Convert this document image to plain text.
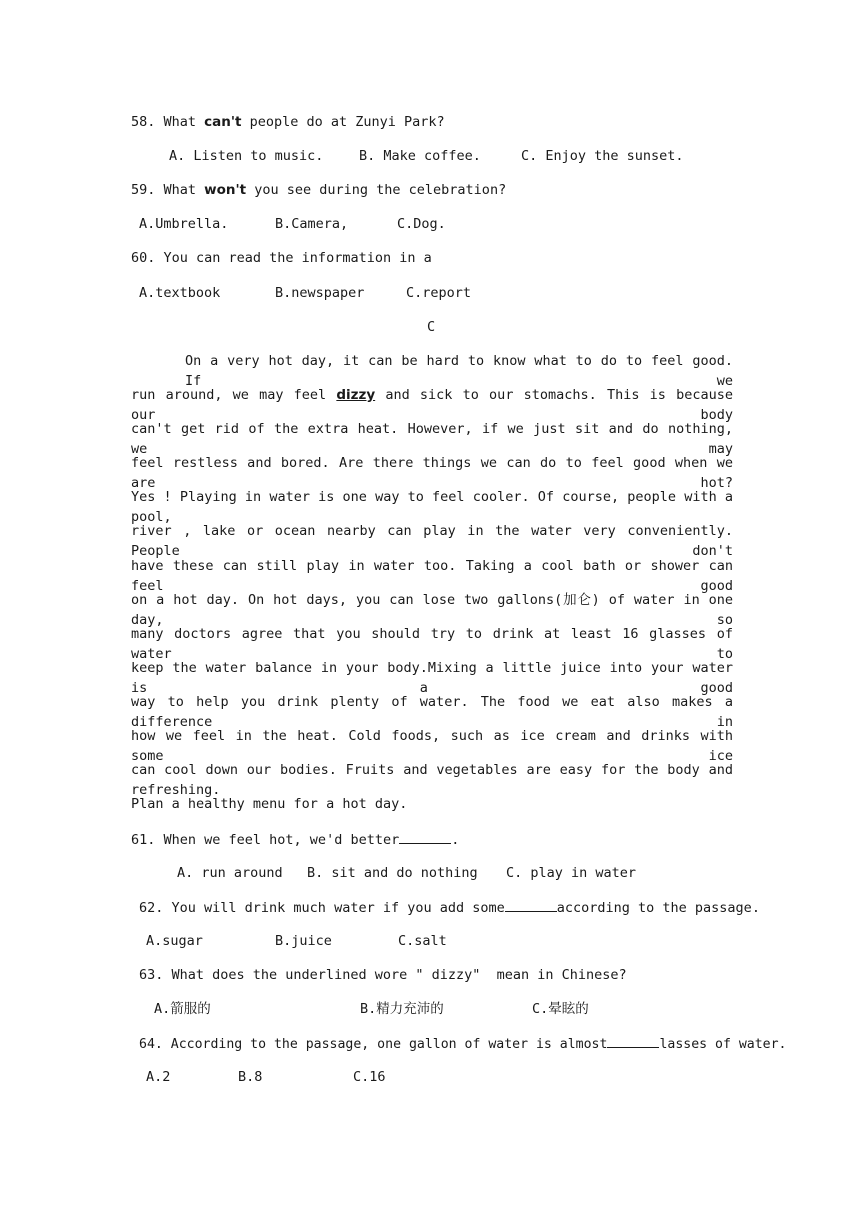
58. What can't people do at Zunyi Park?
A. Listen to music.	B. Make coffee.	C. Enjoy the sunset.
59. What won't you see during the celebration?
A.Umbrella.	B.Camera,	C.Dog.
60. You can read the information in a
A.textbook	B.newspaper	C.report
C
On a very hot day, it can be hard to know what to do to feel good. If we
run around, we may feel dizzy and sick to our stomachs. This is because our body
can't get rid of the extra heat. However, if we just sit and do nothing, we may
feel restless and bored. Are there things we can do to feel good when we are hot?
Yes ! Playing in water is one way to feel cooler. Of course, people with a pool,
river , lake or ocean nearby can play in the water very conveniently. People don't
have these can still play in water too. Taking a cool bath or shower can feel good
on a hot day. On hot days, you can lose two gallons(加仑) of water in one day, so
many doctors agree that you should try to drink at least 16 glasses of water to
keep the water balance in your body.Mixing a little juice into your water is a good
way to help you drink plenty of water. The food we eat also makes a difference in
how we feel in the heat. Cold foods, such as ice cream and drinks with some ice
can cool down our bodies. Fruits and vegetables are easy for the body and refreshing.
Plan a healthy menu for a hot day.
61. When we feel hot, we'd better	.
A. run around B. sit and do nothing C. play in water
62. You will drink much water if you add some	according to the passage.
A.sugar	B.juice	C.salt
63. What does the underlined wore " dizzy"  mean in Chinese?
A.箭服的	B.精力充沛的	C.晕眩的
64. According to the passage, one gallon of water is almost	lasses of water.
A.2	B.8	C.16
